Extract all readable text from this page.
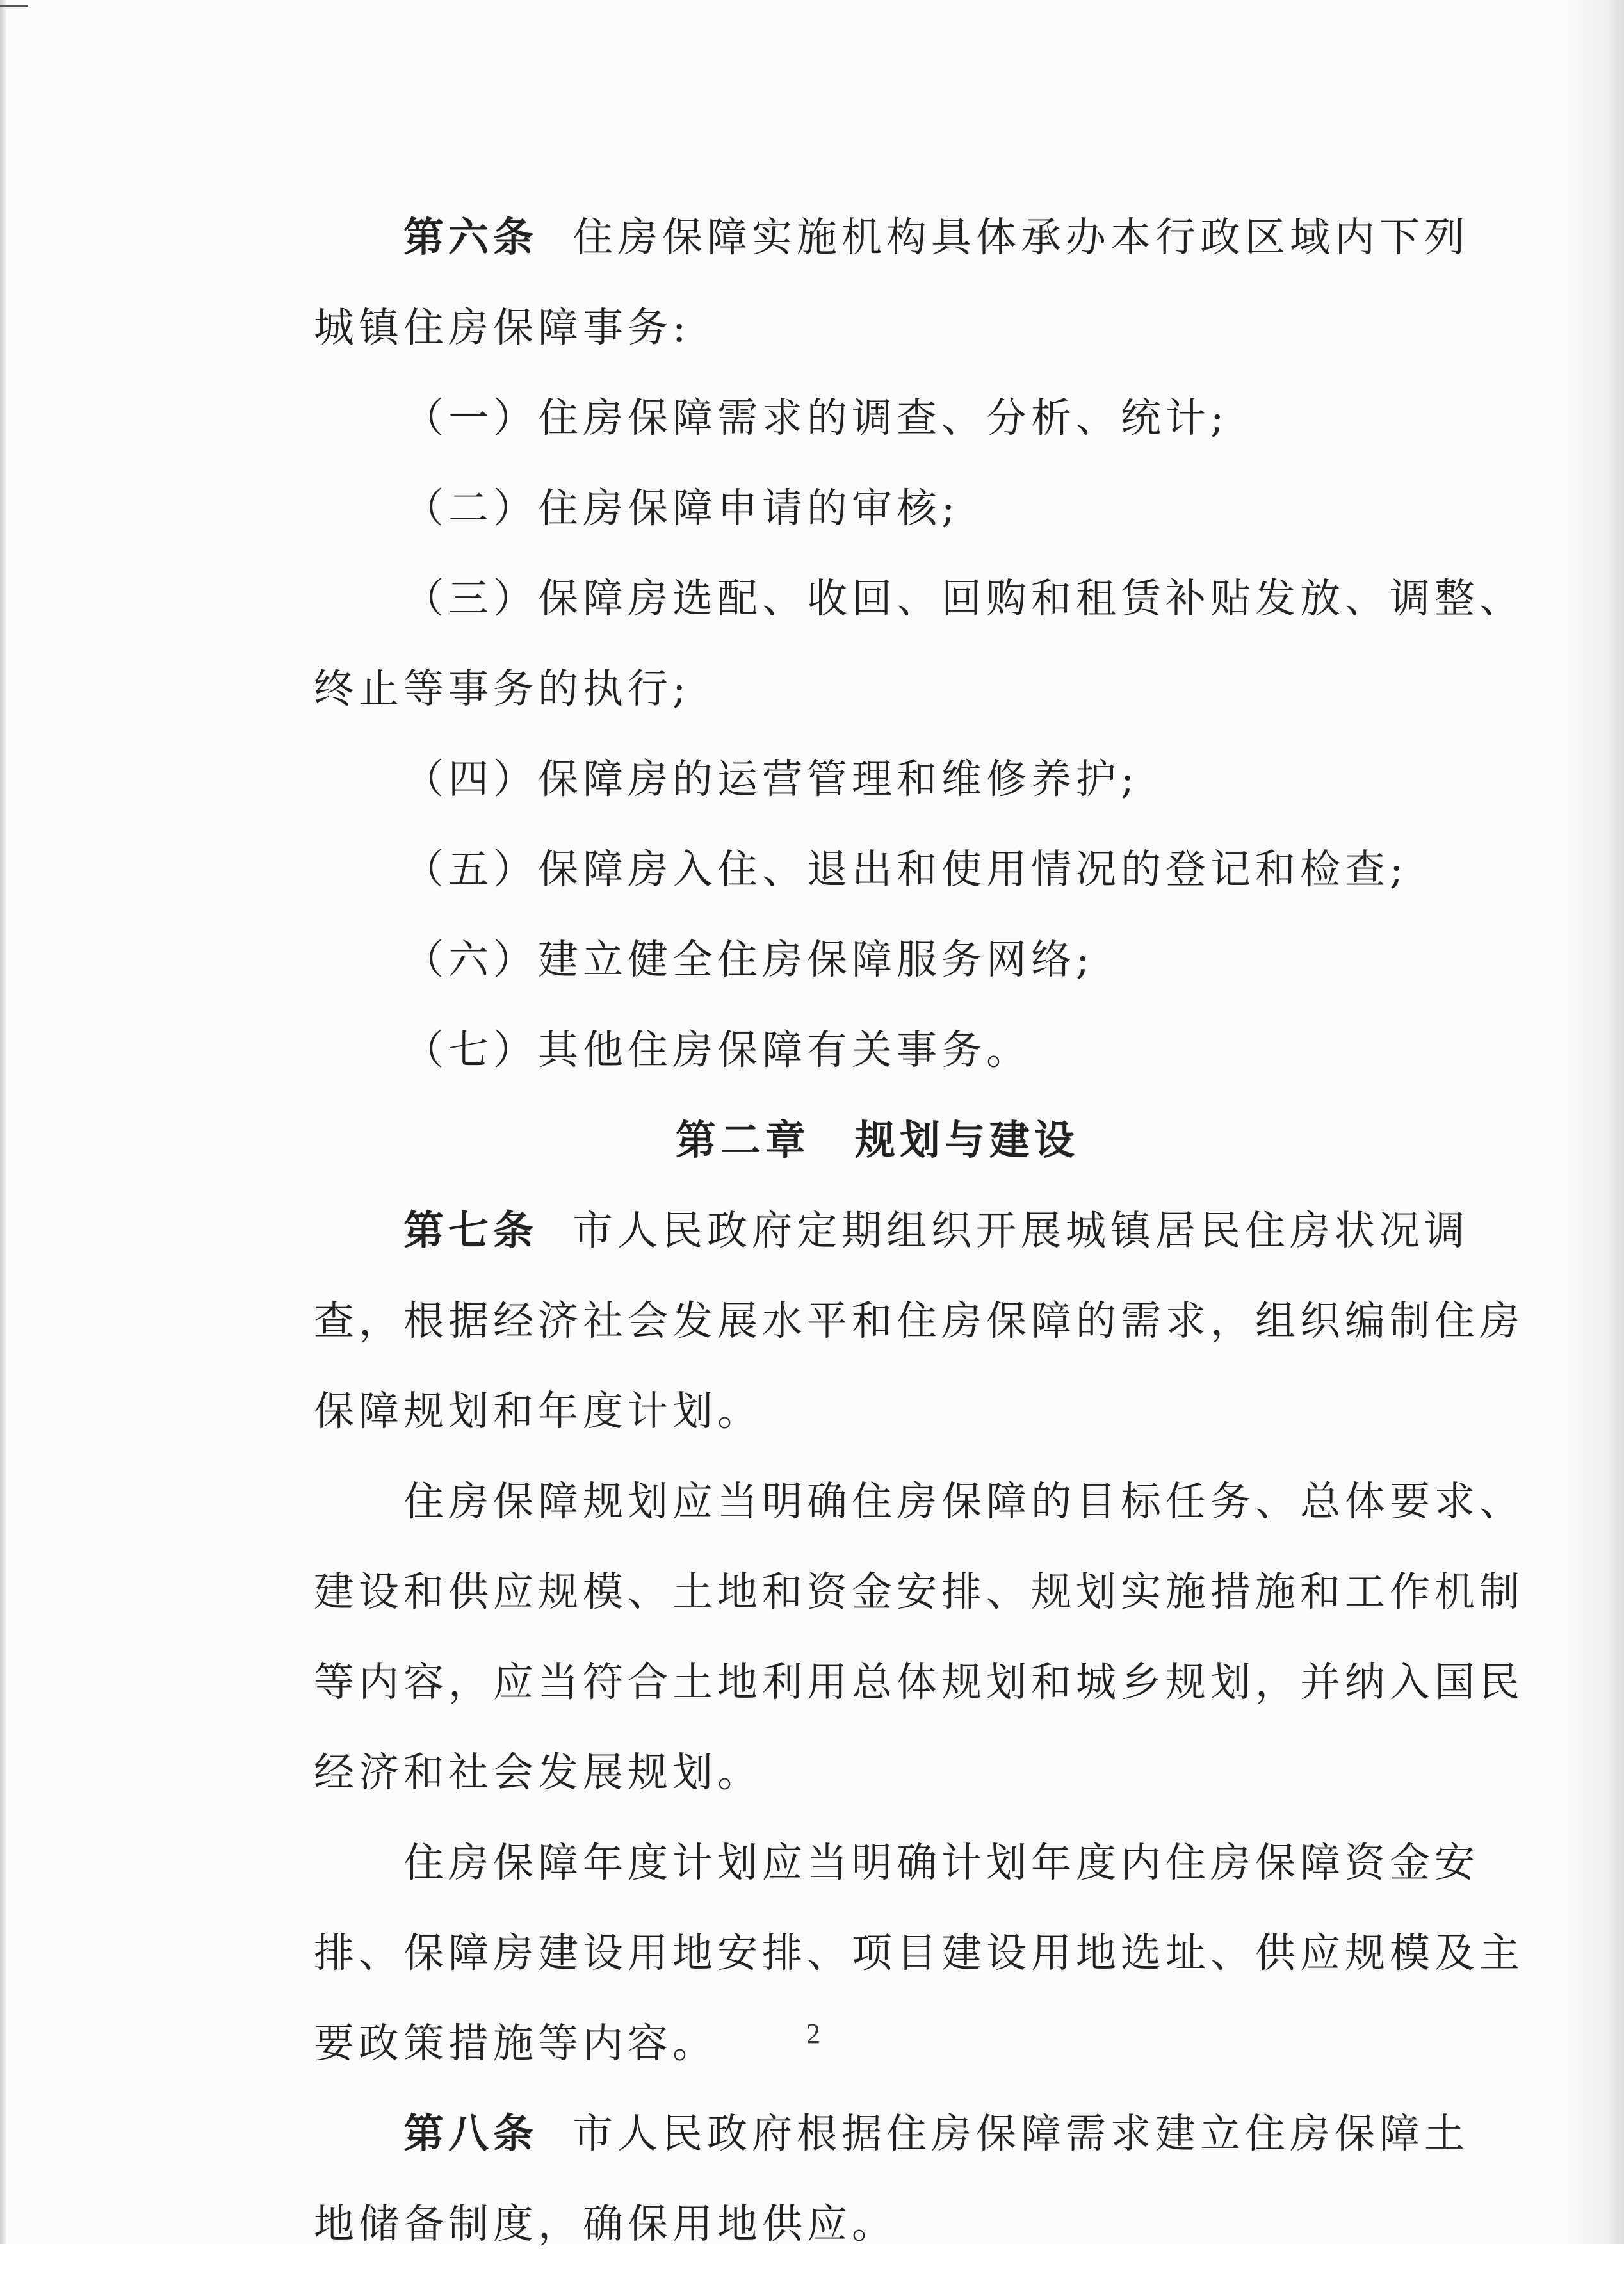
第六条 住房保障实施机构具体承办本行政区域内下列
城镇住房保障事务:
（一）住房保障需求的调查、分析、统计;
（二）住房保障申请的审核;
（三）保障房选配、收回、回购和租赁补贴发放、调整、
终止等事务的执行;
（四）保障房的运营管理和维修养护;
（五）保障房入住、退出和使用情况的登记和检查;
（六）建立健全住房保障服务网络;
（七）其他住房保障有关事务。
第二章　规划与建设
第七条 市人民政府定期组织开展城镇居民住房状况调
查，根据经济社会发展水平和住房保障的需求，组织编制住房
保障规划和年度计划。
住房保障规划应当明确住房保障的目标任务、总体要求、
建设和供应规模、土地和资金安排、规划实施措施和工作机制
等内容，应当符合土地利用总体规划和城乡规划，并纳入国民
经济和社会发展规划。
住房保障年度计划应当明确计划年度内住房保障资金安
排、保障房建设用地安排、项目建设用地选址、供应规模及主
要政策措施等内容。
第八条 市人民政府根据住房保障需求建立住房保障土
地储备制度，确保用地供应。
2
